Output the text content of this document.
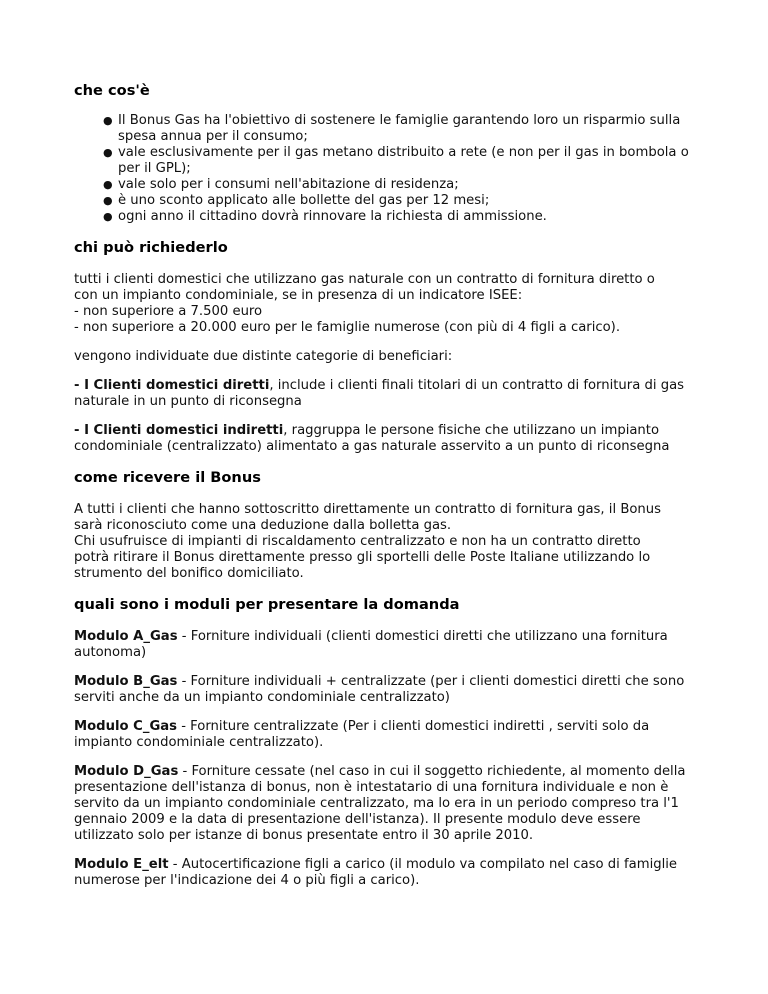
che cos'è
● Il Bonus Gas ha l'obiettivo di sostenere le famiglie garantendo loro un risparmio sulla spesa annua per il consumo;
● vale esclusivamente per il gas metano distribuito a rete (e non per il gas in bombola o per il GPL);
● vale solo per i consumi nell'abitazione di residenza;
● è uno sconto applicato alle bollette del gas per 12 mesi;
● ogni anno il cittadino dovrà rinnovare la richiesta di ammissione.
chi può richiederlo

tutti i clienti domestici che utilizzano gas naturale con un contratto di fornitura diretto o
con un impianto condominiale, se in presenza di un indicatore ISEE:
- non superiore a 7.500 euro
- non superiore a 20.000 euro per le famiglie numerose (con più di 4 figli a carico).

vengono individuate due distinte categorie di beneficiari:

- I Clienti domestici diretti, include i clienti finali titolari di un contratto di fornitura di gas naturale in un punto di riconsegna

- I Clienti domestici indiretti, raggruppa le persone fisiche che utilizzano un impianto condominiale (centralizzato) alimentato a gas naturale asservito a un punto di riconsegna

come ricevere il Bonus

A tutti i clienti che hanno sottoscritto direttamente un contratto di fornitura gas, il Bonus
sarà riconosciuto come una deduzione dalla bolletta gas.
Chi usufruisce di impianti di riscaldamento centralizzato e non ha un contratto diretto
potrà ritirare il Bonus direttamente presso gli sportelli delle Poste Italiane utilizzando lo
strumento del bonifico domiciliato.

quali sono i moduli per presentare la domanda

Modulo A_Gas - Forniture individuali (clienti domestici diretti che utilizzano una fornitura autonoma)

Modulo B_Gas - Forniture individuali + centralizzate (per i clienti domestici diretti che sono serviti anche da un impianto condominiale centralizzato)

Modulo C_Gas - Forniture centralizzate (Per i clienti domestici indiretti , serviti solo da impianto condominiale centralizzato).

Modulo D_Gas - Forniture cessate (nel caso in cui il soggetto richiedente, al momento della presentazione dell'istanza di bonus, non è intestatario di una fornitura individuale e non è servito da un impianto condominiale centralizzato, ma lo era in un periodo compreso tra l'1 gennaio 2009 e la data di presentazione dell'istanza). Il presente modulo deve essere utilizzato solo per istanze di bonus presentate entro il 30 aprile 2010.

Modulo E_elt - Autocertificazione figli a carico (il modulo va compilato nel caso di famiglie numerose per l'indicazione dei 4 o più figli a carico).
